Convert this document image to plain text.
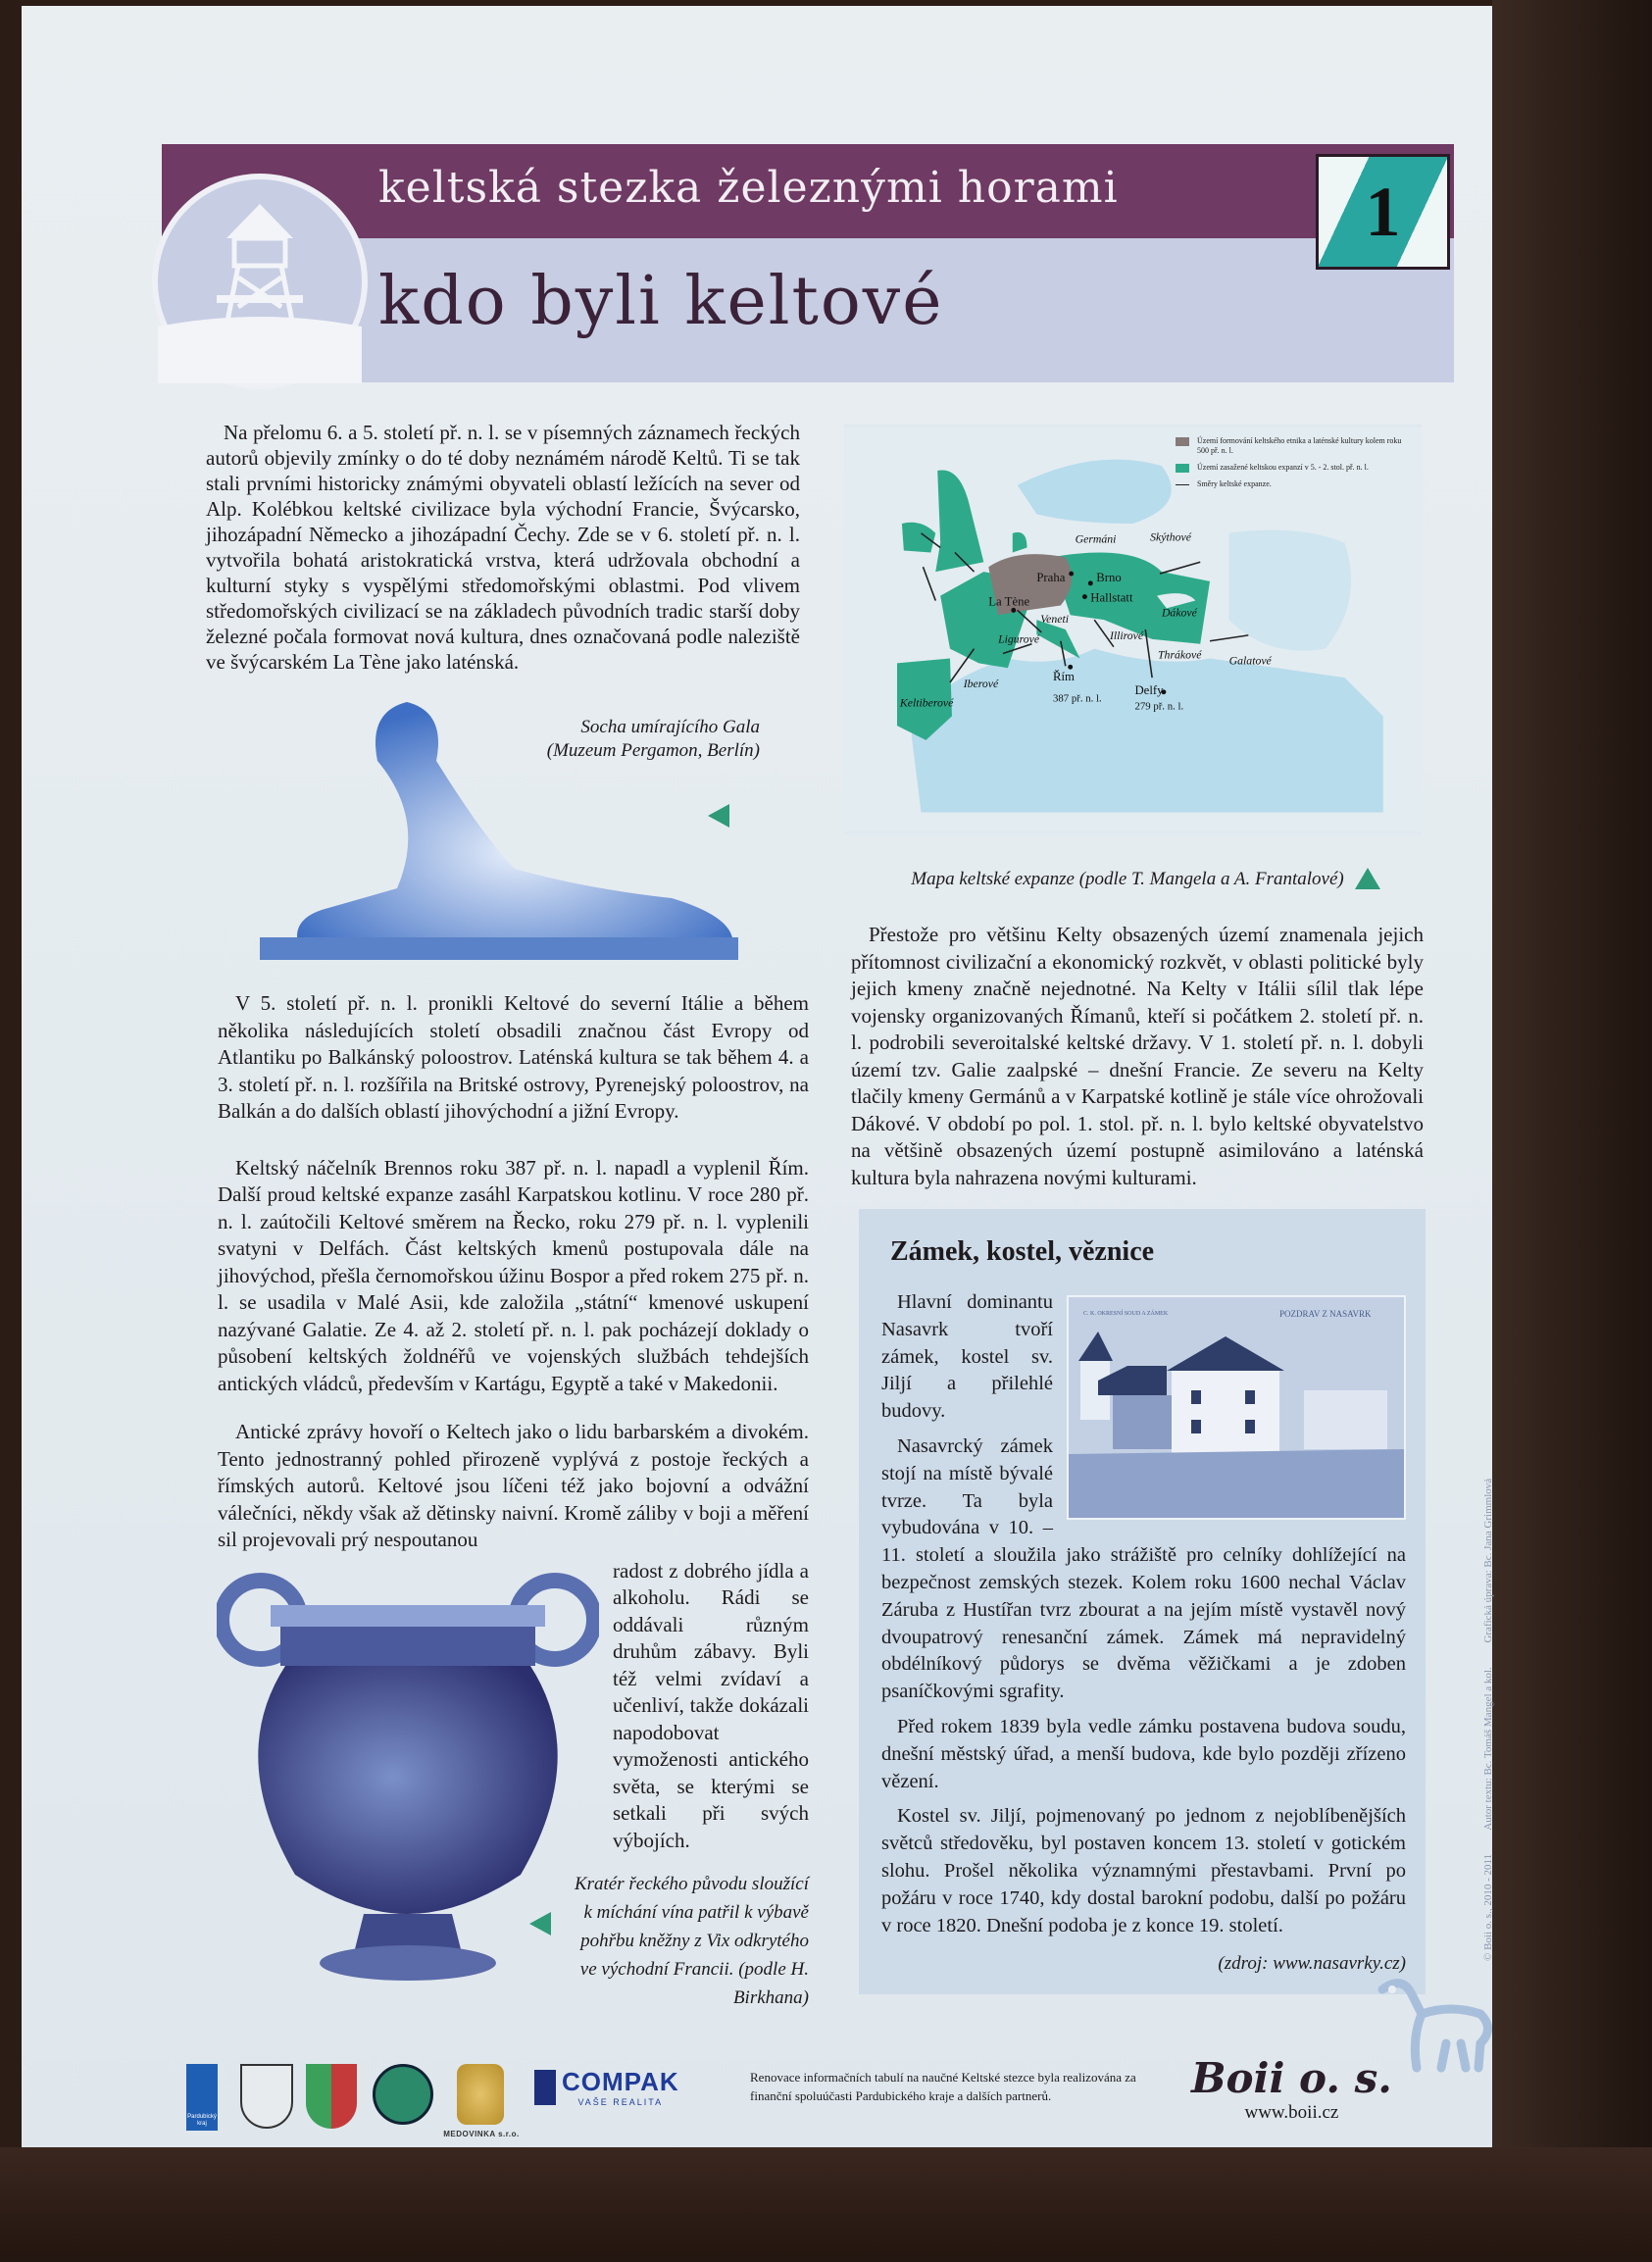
keltská stezka železnými horami
kdo byli keltové
1

Na přelomu 6. a 5. století př. n. l. se v písemných záznamech řeckých autorů objevily zmínky o do té doby neznámém národě Keltů. Ti se tak stali prvními historicky známými obyvateli oblastí ležících na sever od Alp. Kolébkou keltské civilizace byla východní Francie, Švýcarsko, jihozápadní Německo a jihozápadní Čechy. Zde se v 6. století př. n. l. vytvořila bohatá aristokratická vrstva, která udržovala obchodní a kulturní styky s vyspělými středomořskými oblastmi. Pod vlivem středomořských civilizací se na základech původních tradic starší doby železné počala formovat nová kultura, dnes označovaná podle naleziště ve švýcarském La Tène jako laténská.

Socha umírajícího Gala
(Muzeum Pergamon, Berlín)
Praha Brno
Hallstatt
La Tène
Řím
387 př. n. l.
Delfy
279 př. n. l.
Germáni	Skýthové
Dákové
Veneti
Ligurové	Illirové
Thrákové Galatové
Iberové
Keltiberové
Území formování keltského etnika a laténské kultury kolem roku 500 př. n. l.
Území zasažené keltskou expanzí v 5. - 2. stol. př. n. l.
Směry keltské expanze.
Mapa keltské expanze (podle T. Mangela a A. Frantalové)

Přestože pro většinu Kelty obsazených území znamenala jejich přítomnost civilizační a ekonomický rozkvět, v oblasti politické byly jejich kmeny značně nejednotné. Na Kelty v Itálii sílil tlak lépe vojensky organizovaných Římanů, kteří si počátkem 2. století př. n. l. podrobili severoitalské keltské državy. V 1. století př. n. l. dobyli území tzv. Galie zaalpské – dnešní Francie. Ze severu na Kelty tlačily kmeny Germánů a v Karpatské kotlině je stále více ohrožovali Dákové. V období po pol. 1. stol. př. n. l. bylo keltské obyvatelstvo na většině obsazených území postupně asimilováno a laténská kultura byla nahrazena novými kulturami.

V 5. století př. n. l. pronikli Keltové do severní Itálie a během několika následujících století obsadili značnou část Evropy od Atlantiku po Balkánský poloostrov. Laténská kultura se tak během 4. a 3. století př. n. l. rozšířila na Britské ostrovy, Pyrenejský poloostrov, na Balkán a do dalších oblastí jihovýchodní a jižní Evropy.

Keltský náčelník Brennos roku 387 př. n. l. napadl a vyplenil Řím. Další proud keltské expanze zasáhl Karpatskou kotlinu. V roce 280 př. n. l. zaútočili Keltové směrem na Řecko, roku 279 př. n. l. vyplenili svatyni v Delfách. Část keltských kmenů postupovala dále na jihovýchod, přešla černomořskou úžinu Bospor a před rokem 275 př. n. l. se usadila v Malé Asii, kde založila „státní“ kmenové uskupení nazývané Galatie. Ze 4. až 2. století př. n. l. pak pocházejí doklady o působení keltských žoldnéřů ve vojenských službách tehdejších antických vládců, především v Kartágu, Egyptě a také v Makedonii.

Antické zprávy hovoří o Keltech jako o lidu barbarském a divokém. Tento jednostranný pohled přirozeně vyplývá z postoje řeckých a římských autorů. Keltové jsou líčeni též jako bojovní a odvážní válečníci, někdy však až dětinsky naivní. Kromě záliby v boji a měření sil projevovali prý nespoutanou

radost z dobrého jídla a alkoholu. Rádi se oddávali různým druhům zábavy. Byli též velmi zvídaví a učenliví, takže dokázali napodobovat vymoženosti antického světa, se kterými se setkali při svých výbojích.

Kratér řeckého původu sloužící k míchání vína patřil k výbavě pohřbu kněžny z Vix odkrytého ve východní Francii. (podle H. Birkhana)
Zámek, kostel, věznice
C. K. OKRESNÍ SOUD A ZÁMEK	POZDRAV Z NASAVRK

Hlavní dominantu Nasavrk tvoří zámek, kostel sv. Jiljí a přilehlé budovy.

Nasavrcký zámek stojí na místě bývalé tvrze. Ta byla vybudována v 10. – 11. století a sloužila jako strážiště pro celníky dohlížející na bezpečnost zemských stezek. Kolem roku 1600 nechal Václav Záruba z Hustířan tvrz zbourat a na jejím místě vystavěl nový dvoupatrový renesanční zámek. Zámek má nepravidelný obdélníkový půdorys se dvěma věžičkami a je zdoben psaníčkovými sgrafity.

Před rokem 1839 byla vedle zámku postavena budova soudu, dnešní městský úřad, a menší budova, kde bylo později zřízeno vězení.

Kostel sv. Jiljí, pojmenovaný po jednom z nejoblíbenějších světců středověku, byl postaven koncem 13. století v gotickém slohu. Prošel několika významnými přestavbami. První po požáru v roce 1740, kdy dostal barokní podobu, další po požáru v roce 1820. Dnešní podoba je z konce 19. století.

(zdroj: www.nasavrky.cz)
© Boii o. s., 2010 - 2011 Autor textu: Bc. Tomáš Mangel a kol. Grafická úprava: Bc. Jana Grimmlová
Pardubický kraj
MEDOVINKA s.r.o.
COMPAK
VAŠE REALITA
Renovace informačních tabulí na naučné Keltské stezce byla realizována za finanční spoluúčasti Pardubického kraje a dalších partnerů.	Boii o. s.
www.boii.cz
